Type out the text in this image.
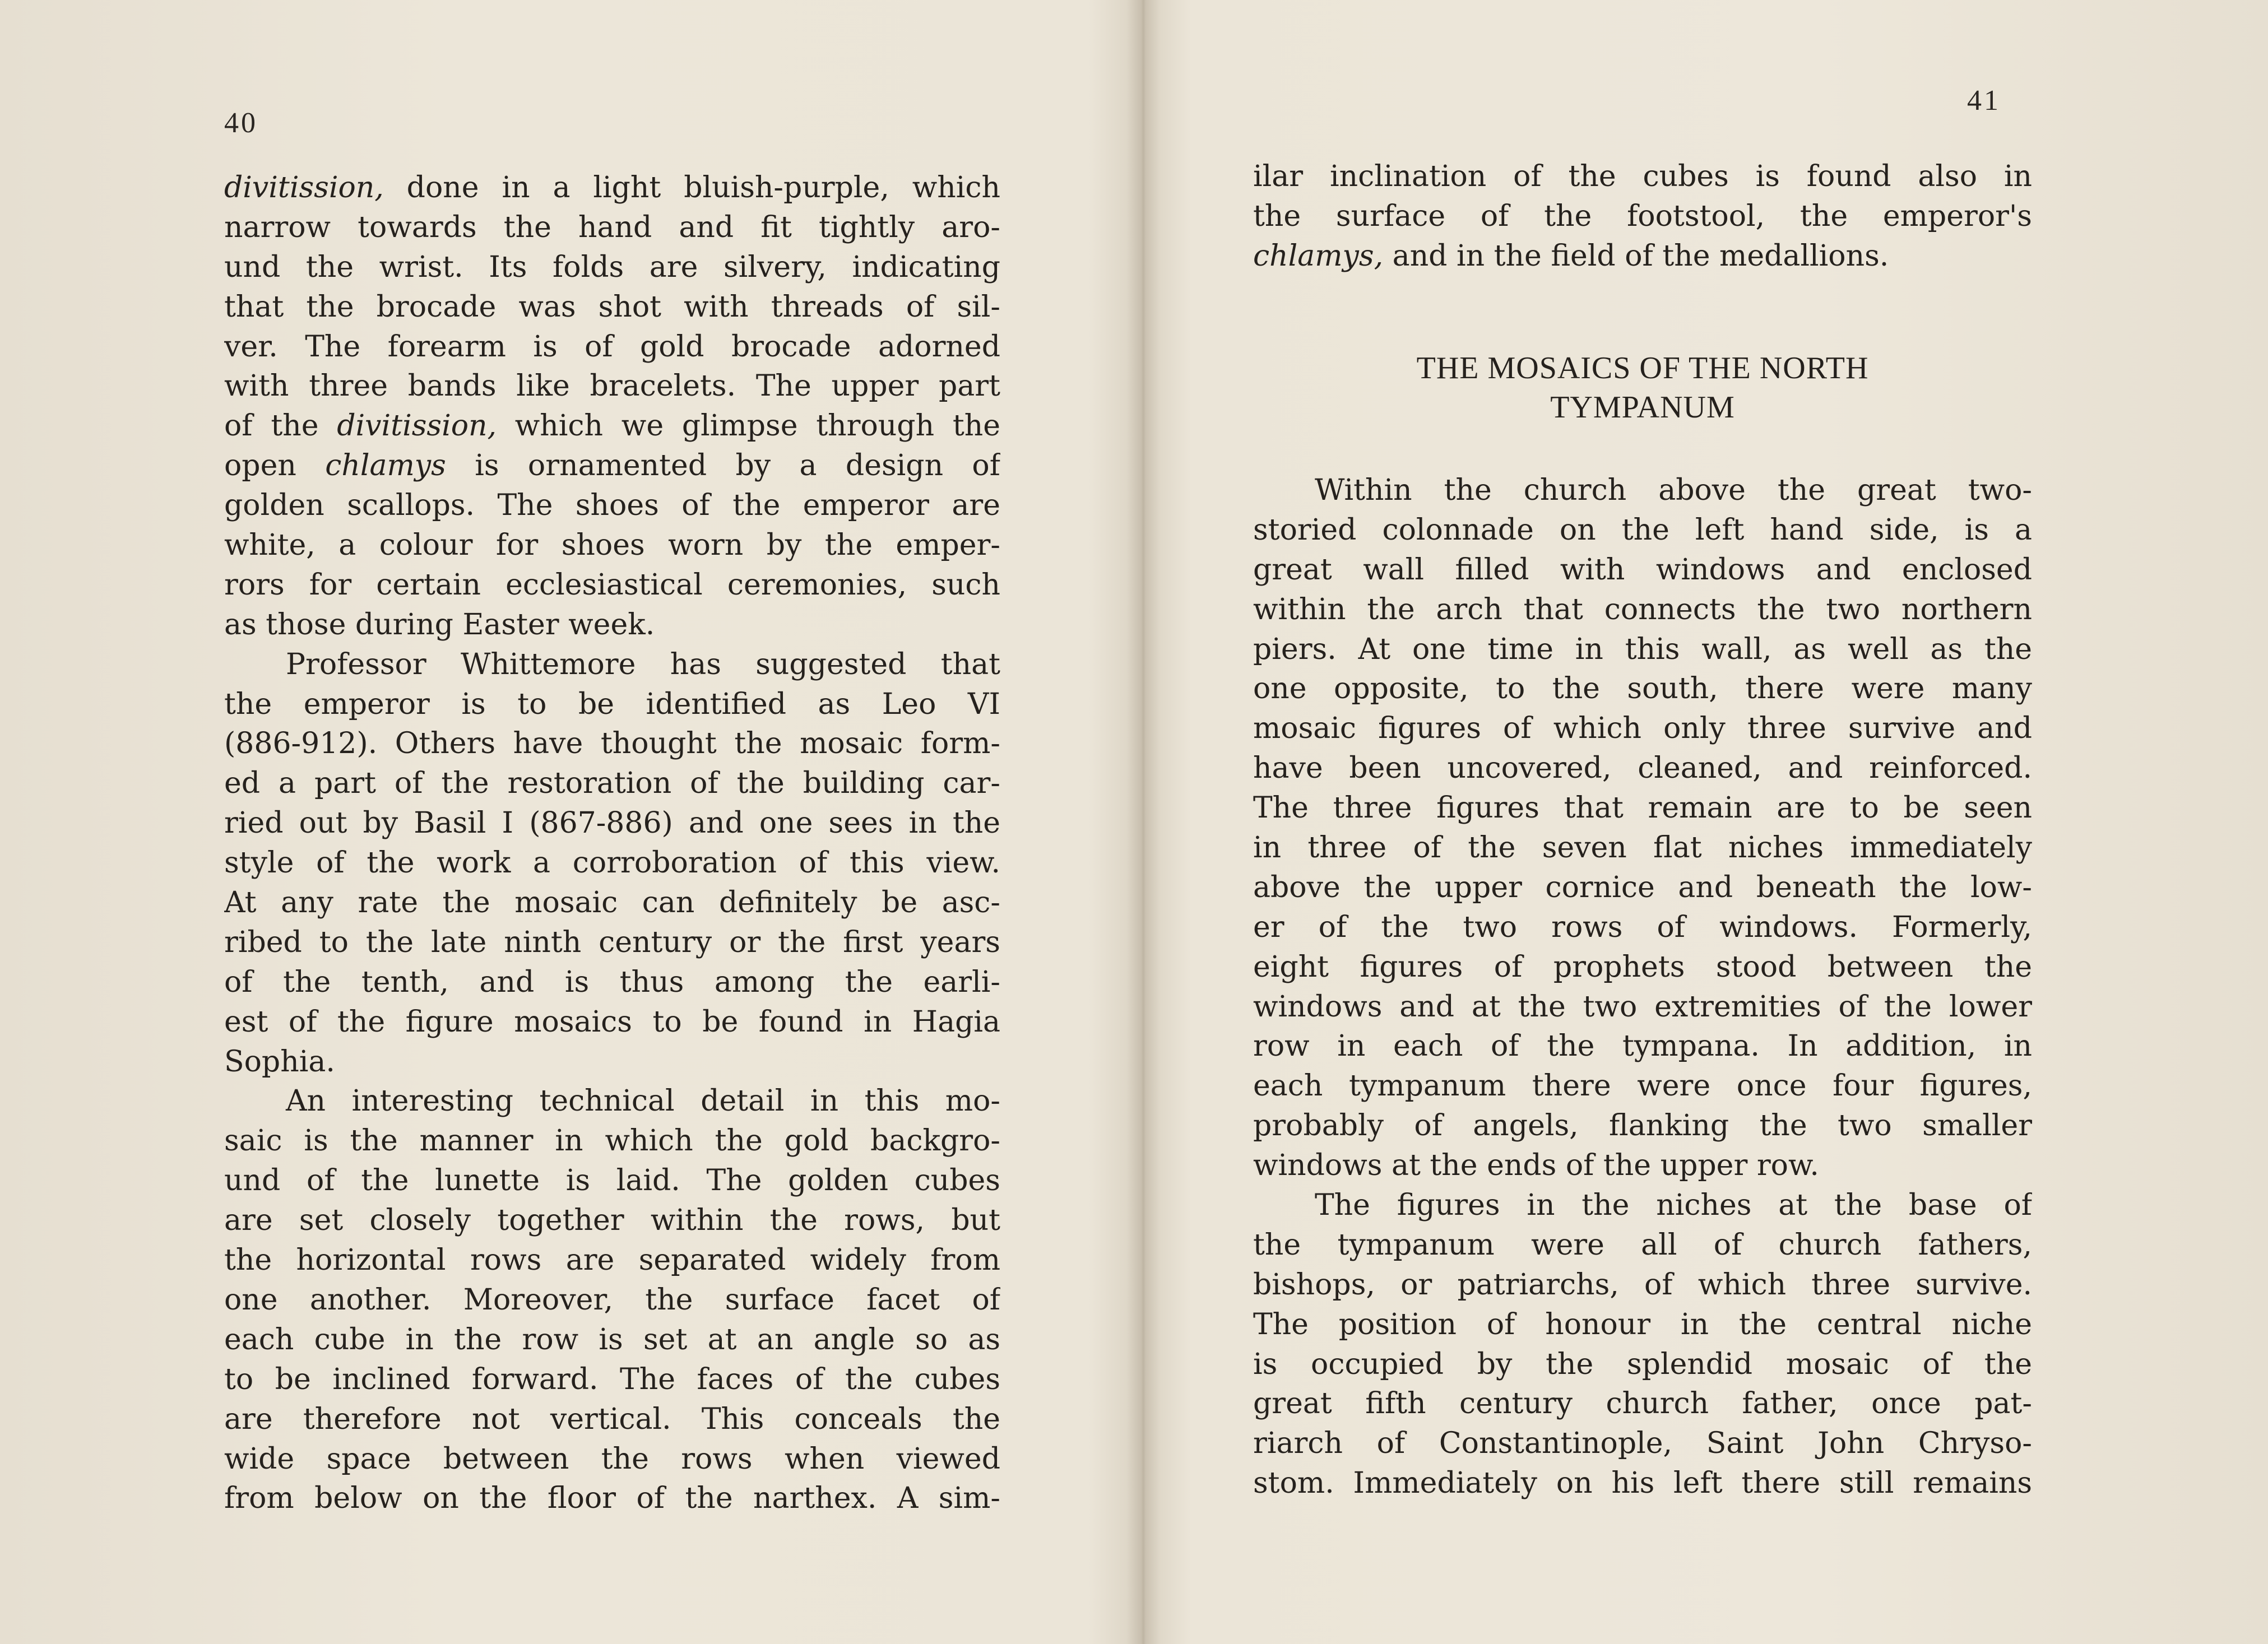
40
divitission, done in a light bluish-purple, which
narrow towards the hand and fit tightly aro-
und the wrist. Its folds are silvery, indicating
that the brocade was shot with threads of sil-
ver. The forearm is of gold brocade adorned
with three bands like bracelets. The upper part
of the divitission, which we glimpse through the
open chlamys is ornamented by a design of
golden scallops. The shoes of the emperor are
white, a colour for shoes worn by the emper-
rors for certain ecclesiastical ceremonies, such
as those during Easter week.
Professor Whittemore has suggested that
the emperor is to be identified as Leo VI
(886-912). Others have thought the mosaic form-
ed a part of the restoration of the building car-
ried out by Basil I (867-886) and one sees in the
style of the work a corroboration of this view.
At any rate the mosaic can definitely be asc-
ribed to the late ninth century or the first years
of the tenth, and is thus among the earli-
est of the figure mosaics to be found in Hagia
Sophia.
An interesting technical detail in this mo-
saic is the manner in which the gold backgro-
und of the lunette is laid. The golden cubes
are set closely together within the rows, but
the horizontal rows are separated widely from
one another. Moreover, the surface facet of
each cube in the row is set at an angle so as
to be inclined forward. The faces of the cubes
are therefore not vertical. This conceals the
wide space between the rows when viewed
from below on the floor of the narthex. A sim-
41
ilar inclination of the cubes is found also in
the surface of the footstool, the emperor's
chlamys, and in the field of the medallions.
THE MOSAICS OF THE NORTH
TYMPANUM
Within the church above the great two-
storied colonnade on the left hand side, is a
great wall filled with windows and enclosed
within the arch that connects the two northern
piers. At one time in this wall, as well as the
one opposite, to the south, there were many
mosaic figures of which only three survive and
have been uncovered, cleaned, and reinforced.
The three figures that remain are to be seen
in three of the seven flat niches immediately
above the upper cornice and beneath the low-
er of the two rows of windows. Formerly,
eight figures of prophets stood between the
windows and at the two extremities of the lower
row in each of the tympana. In addition, in
each tympanum there were once four figures,
probably of angels, flanking the two smaller
windows at the ends of the upper row.
The figures in the niches at the base of
the tympanum were all of church fathers,
bishops, or patriarchs, of which three survive.
The position of honour in the central niche
is occupied by the splendid mosaic of the
great fifth century church father, once pat-
riarch of Constantinople, Saint John Chryso-
stom. Immediately on his left there still remains
